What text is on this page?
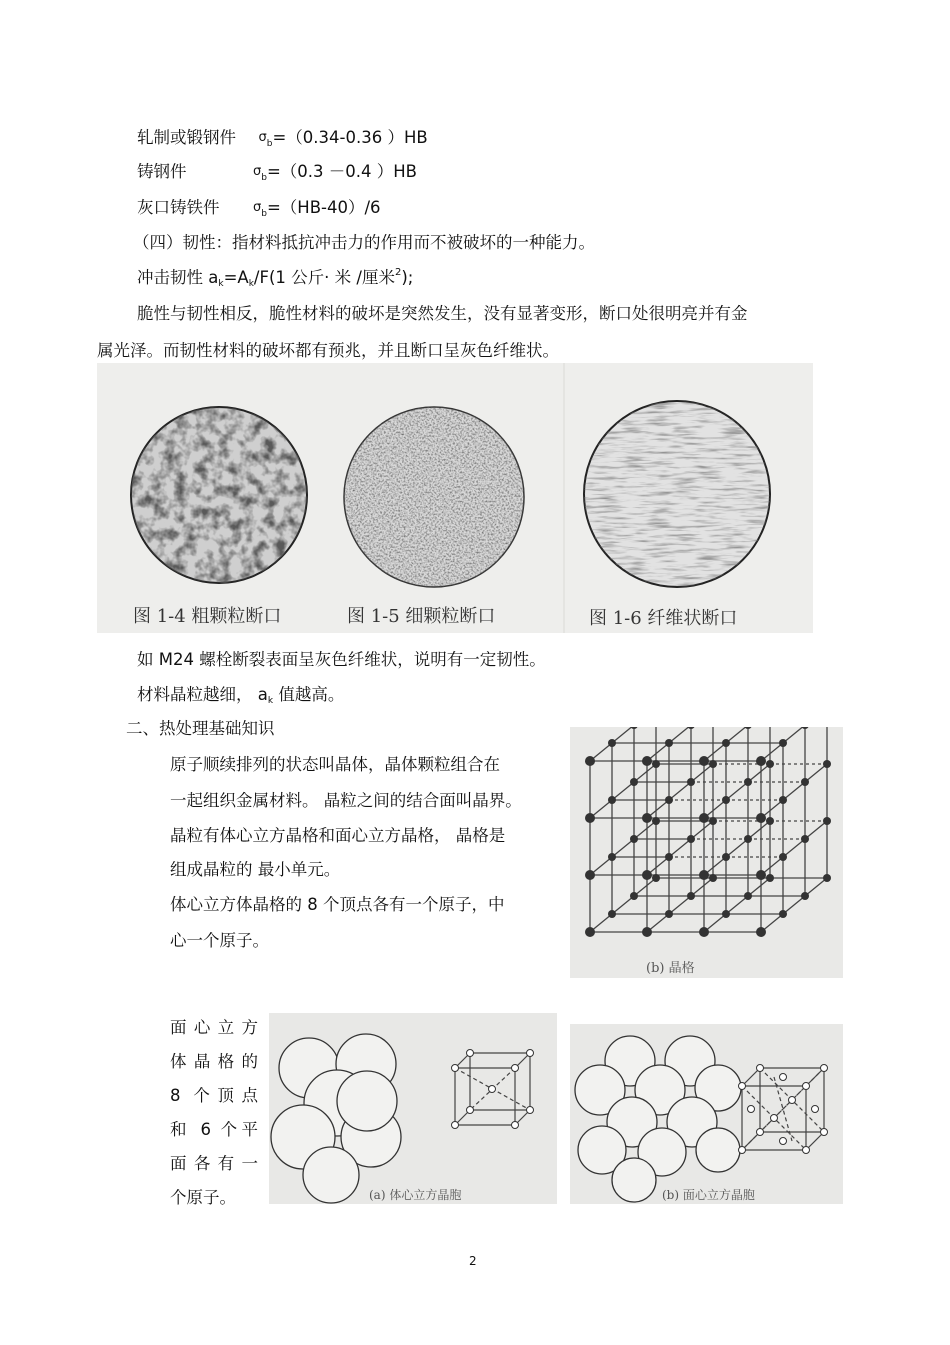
轧制或锻钢件 σb=（0.34-0.36 ）HB
铸钢件	σb=（0.3 －0.4 ）HB
灰口铸铁件	σb=（HB-40）/6
（四）韧性：指材料抵抗冲击力的作用而不被破坏的一种能力。
冲击韧性 ak=Ak/F(1 公斤· 米 /厘米$^2$);
脆性与韧性相反，脆性材料的破坏是突然发生，没有显著变形，断口处很明亮并有金
属光泽。而韧性材料的破坏都有预兆，并且断口呈灰色纤维状。
图 1-4 粗颗粒断口	图 1-5 细颗粒断口	图 1-6 纤维状断口
如 M24 螺栓断裂表面呈灰色纤维状，说明有一定韧性。
材料晶粒越细， ak 值越高。
二、热处理基础知识
原子顺续排列的状态叫晶体，晶体颗粒组合在
一起组织金属材料。 晶粒之间的结合面叫晶界。
晶粒有体心立方晶格和面心立方晶格， 晶格是
组成晶粒的 最小单元。
体心立方体晶格的 8 个顶点各有一个原子，中
心一个原子。
(b) 晶格
面心立方
体晶格的
8 个顶点
和 6 个平
面各有一
个原子。	(a) 体心立方晶胞	(b) 面心立方晶胞
2
